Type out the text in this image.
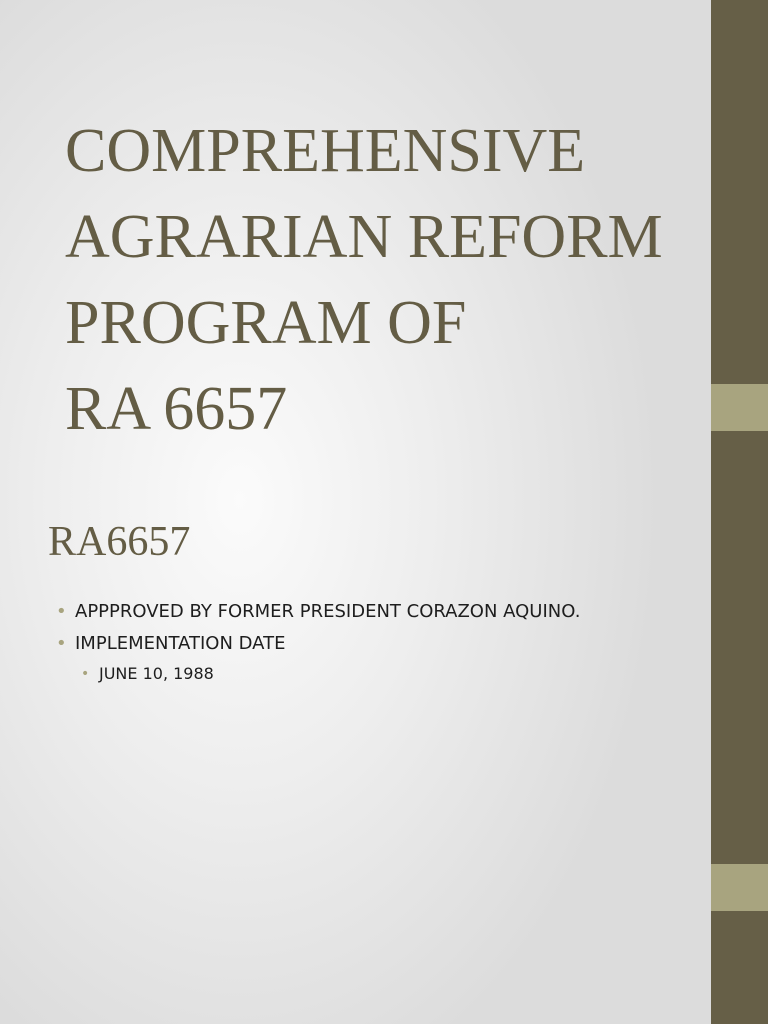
COMPREHENSIVE
AGRARIAN REFORM
PROGRAM OF
RA 6657
RA6657
• APPPROVED BY FORMER PRESIDENT CORAZON AQUINO.
• IMPLEMENTATION DATE
• JUNE 10, 1988
